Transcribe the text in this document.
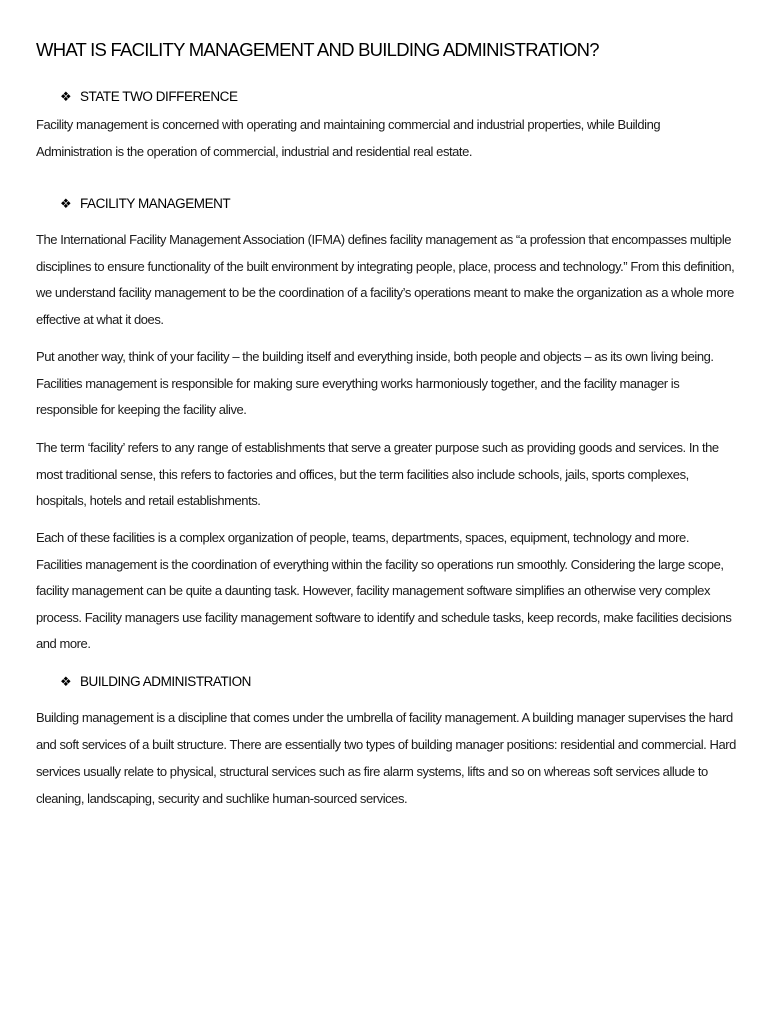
WHAT IS FACILITY MANAGEMENT AND BUILDING ADMINISTRATION?
❖ STATE TWO DIFFERENCE

Facility management is concerned with operating and maintaining commercial and industrial properties, while Building Administration is the operation of commercial, industrial and residential real estate.

❖ FACILITY MANAGEMENT

The International Facility Management Association (IFMA) defines facility management as “a profession that encompasses multiple disciplines to ensure functionality of the built environment by integrating people, place, process and technology.” From this definition, we understand facility management to be the coordination of a facility’s operations meant to make the organization as a whole more effective at what it does.

Put another way, think of your facility – the building itself and everything inside, both people and objects – as its own living being. Facilities management is responsible for making sure everything works harmoniously together, and the facility manager is responsible for keeping the facility alive.

The term ‘facility’ refers to any range of establishments that serve a greater purpose such as providing goods and services. In the most traditional sense, this refers to factories and offices, but the term facilities also include schools, jails, sports complexes, hospitals, hotels and retail establishments.

Each of these facilities is a complex organization of people, teams, departments, spaces, equipment, technology and more. Facilities management is the coordination of everything within the facility so operations run smoothly. Considering the large scope, facility management can be quite a daunting task. However, facility management software simplifies an otherwise very complex process. Facility managers use facility management software to identify and schedule tasks, keep records, make facilities decisions and more.

❖ BUILDING ADMINISTRATION

Building management is a discipline that comes under the umbrella of facility management. A building manager supervises the hard and soft services of a built structure. There are essentially two types of building manager positions: residential and commercial. Hard services usually relate to physical, structural services such as fire alarm systems, lifts and so on whereas soft services allude to cleaning, landscaping, security and suchlike human-sourced services.
